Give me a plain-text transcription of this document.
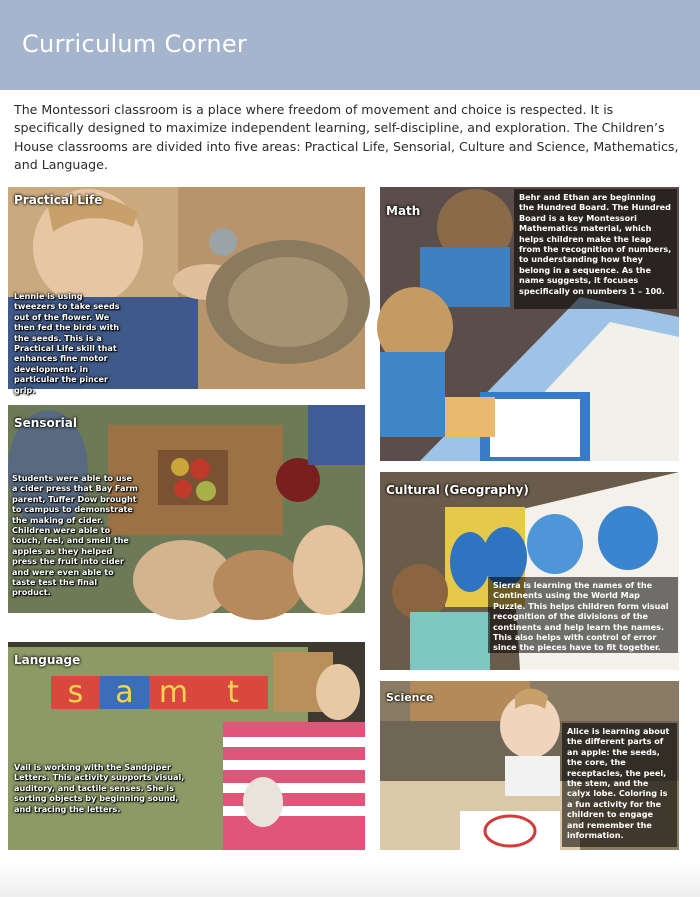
Curriculum Corner

The Montessori classroom is a place where freedom of movement and choice is respected. It is specifically designed to maximize independent learning, self-discipline, and exploration. The Children’s House classrooms are divided into five areas: Practical Life, Sensorial, Culture and Science, Mathematics, and Language.

Practical Life
Lennie is using tweezers to take seeds out of the flower. We then fed the birds with the seeds. This is a Practical Life skill that enhances fine motor development, in particular the pincer grip.
Math
Behr and Ethan are beginning the Hundred Board. The Hundred Board is a key Montessori Mathematics material, which helps children make the leap from the recognition of numbers, to understanding how they belong in a sequence. As the name suggests, it focuses specifically on numbers 1 – 100.
Sensorial
Students were able to use a cider press that Bay Farm parent, Tuffer Dow brought to campus to demonstrate the making of cider. Children were able to touch, feel, and smell the apples as they helped press the fruit into cider and were even able to taste test the final product.
Cultural (Geography)
Sierra is learning the names of the Continents using the World Map Puzzle. This helps children form visual recognition of the divisions of the continents and help learn the names. This also helps with control of error since the pieces have to fit together.
s	a m	t
Language
Vail is working with the Sandpiper Letters. This activity supports visual, auditory, and tactile senses. She is sorting objects by beginning sound, and tracing the letters.
Science
Alice is learning about the different parts of an apple: the seeds, the core, the receptacles, the peel, the stem, and the calyx lobe. Coloring is a fun activity for the children to engage and remember the information.
